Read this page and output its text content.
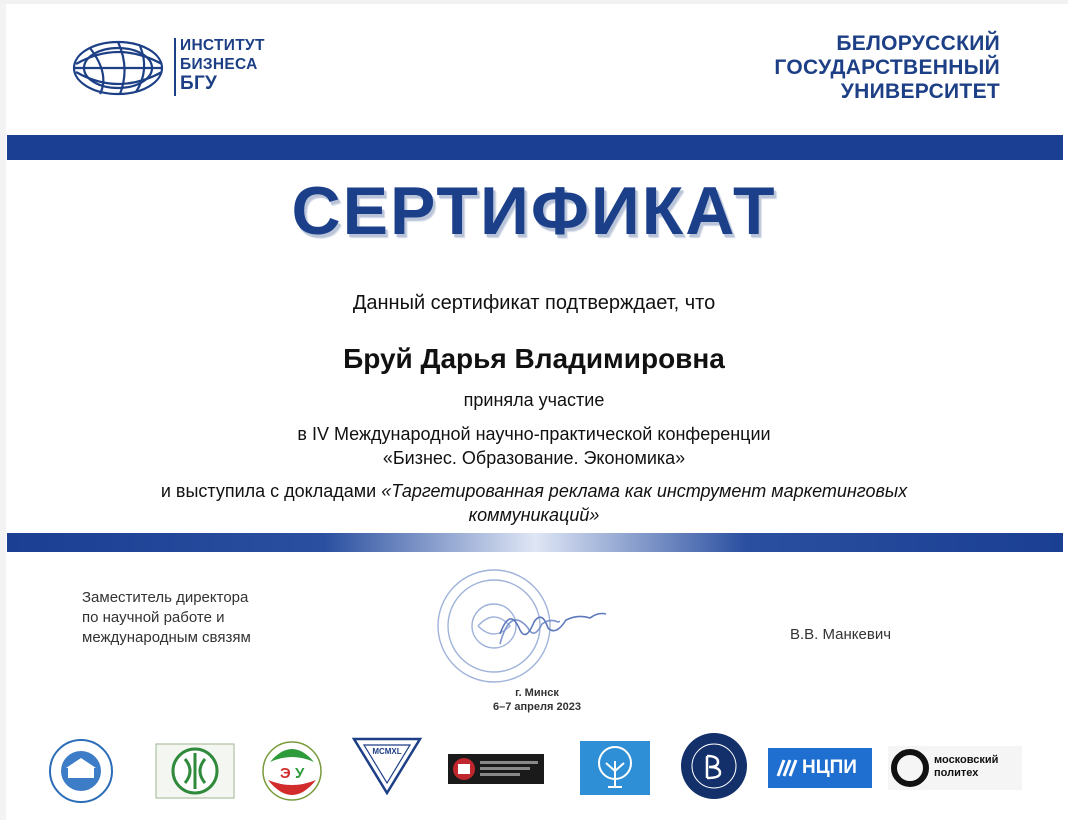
ИНСТИТУТ
БИЗНЕСА
БГУ
БЕЛОРУССКИЙ
ГОСУДАРСТВЕННЫЙ
УНИВЕРСИТЕТ
СЕРТИФИКАТ
Данный сертификат подтверждает, что
Бруй Дарья Владимировна
приняла участие
в IV Международной научно-практической конференции
«Бизнес. Образование. Экономика»
и выступила с докладами «Таргетированная реклама как инструмент маркетинговых
коммуникаций»
Заместитель директора
по научной работе и
международным связям	В.В. Манкевич
г. Минск
6–7 апреля 2023
Э У
MCMXL
НЦПИ	московский
политех
